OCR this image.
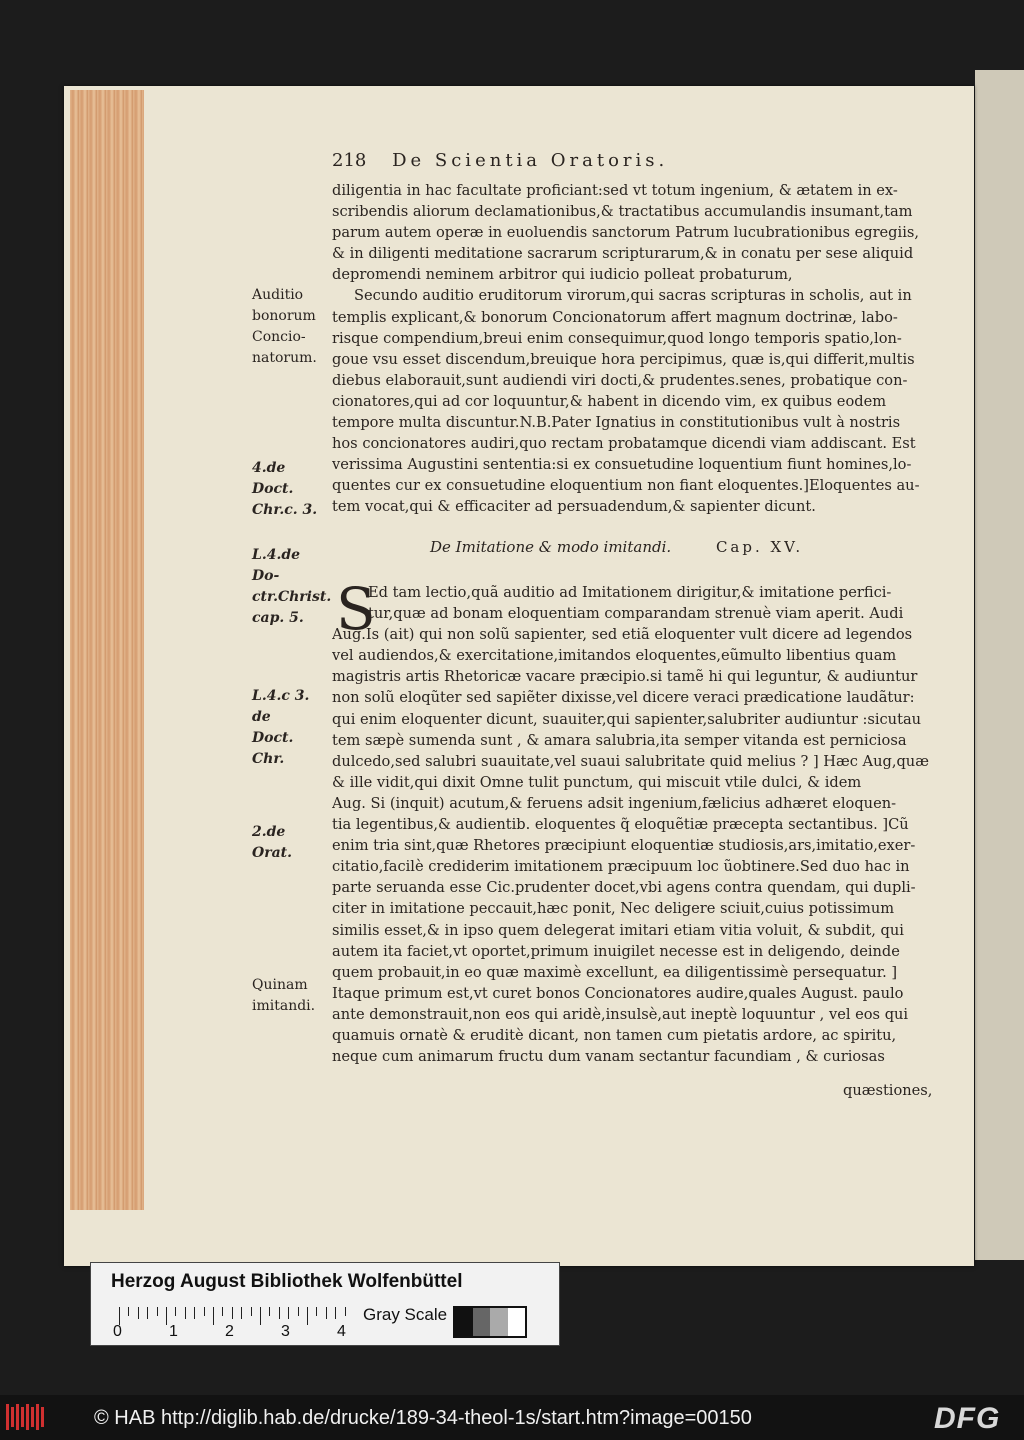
218 De Scientia Oratoris.
diligentia in hac facultate proficiant:sed vt totum ingenium, & ætatem in ex-
scribendis aliorum declamationibus,& tractatibus accumulandis insumant,tam
parum autem operæ in euoluendis sanctorum Patrum lucubrationibus egregiis,
& in diligenti meditatione sacrarum scripturarum,& in conatu per sese aliquid
depromendi neminem arbitror qui iudicio polleat probaturum,
Secundo auditio eruditorum virorum,qui sacras scripturas in scholis, aut in
templis explicant,& bonorum Concionatorum affert magnum doctrinæ, labo-
risque compendium,breui enim consequimur,quod longo temporis spatio,lon-
goue vsu esset discendum,breuique hora percipimus, quæ is,qui differit,multis
diebus elaborauit,sunt audiendi viri docti,& prudentes.senes, probatique con-
cionatores,qui ad cor loquuntur,& habent in dicendo vim, ex quibus eodem
tempore multa discuntur.N.B.Pater Ignatius in constitutionibus vult à nostris
hos concionatores audiri,quo rectam probatamque dicendi viam addiscant. Est
verissima Augustini sententia:si ex consuetudine loquentium fiunt homines,lo-
quentes cur ex consuetudine eloquentium non fiant eloquentes.]Eloquentes au-
tem vocat,qui & efficaciter ad persuadendum,& sapienter dicunt.
De Imitatione & modo imitandi.	Cap. XV.
S
Ed tam lectio,quã auditio ad Imitationem dirigitur,& imitatione perfici-
tur,quæ ad bonam eloquentiam comparandam strenuè viam aperit. Audi
Aug.Is (ait) qui non solũ sapienter, sed etiã eloquenter vult dicere ad legendos
vel audiendos,& exercitatione,imitandos eloquentes,eũmulto libentius quam
magistris artis Rhetoricæ vacare præcipio.si tamẽ hi qui leguntur, & audiuntur
non solũ eloqũter sed sapiẽter dixisse,vel dicere veraci prædicatione laudãtur:
qui enim eloquenter dicunt, suauiter,qui sapienter,salubriter audiuntur :sicutau
tem sæpè sumenda sunt , & amara salubria,ita semper vitanda est perniciosa
dulcedo,sed salubri suauitate,vel suaui salubritate quid melius ? ] Hæc Aug,quæ
& ille vidit,qui dixit Omne tulit punctum, qui miscuit vtile dulci, & idem
Aug. Si (inquit) acutum,& feruens adsit ingenium,fælicius adhæret eloquen-
tia legentibus,& audientib. eloquentes q̃ eloquẽtiæ præcepta sectantibus. ]Cũ
enim tria sint,quæ Rhetores præcipiunt eloquentiæ studiosis,ars,imitatio,exer-
citatio,facilè crediderim imitationem præcipuum loc ũobtinere.Sed duo hac in
parte seruanda esse Cic.prudenter docet,vbi agens contra quendam, qui dupli-
citer in imitatione peccauit,hæc ponit, Nec deligere sciuit,cuius potissimum
similis esset,& in ipso quem delegerat imitari etiam vitia voluit, & subdit, qui
autem ita faciet,vt oportet,primum inuigilet necesse est in deligendo, deinde
quem probauit,in eo quæ maximè excellunt, ea diligentissimè persequatur. ]
Itaque primum est,vt curet bonos Concionatores audire,quales August. paulo
ante demonstrauit,non eos qui aridè,insulsè,aut ineptè loquuntur , vel eos qui
quamuis ornatè & eruditè dicant, non tamen cum pietatis ardore, ac spiritu,
neque cum animarum fructu dum vanam sectantur facundiam , & curiosas
quæstiones,
Auditio
bonorum
Concio-
natorum.
4.de Doct.
Chr.c. 3.
L.4.de Do-
ctr.Christ.
cap. 5.
L.4.c 3. de
Doct. Chr.
2.de Orat.
Quinam
imitandi.
Herzog August Bibliothek Wolfenbüttel
0	1	2	3	4
Gray Scale
© HAB http://diglib.hab.de/drucke/189-34-theol-1s/start.htm?image=00150	DFG
